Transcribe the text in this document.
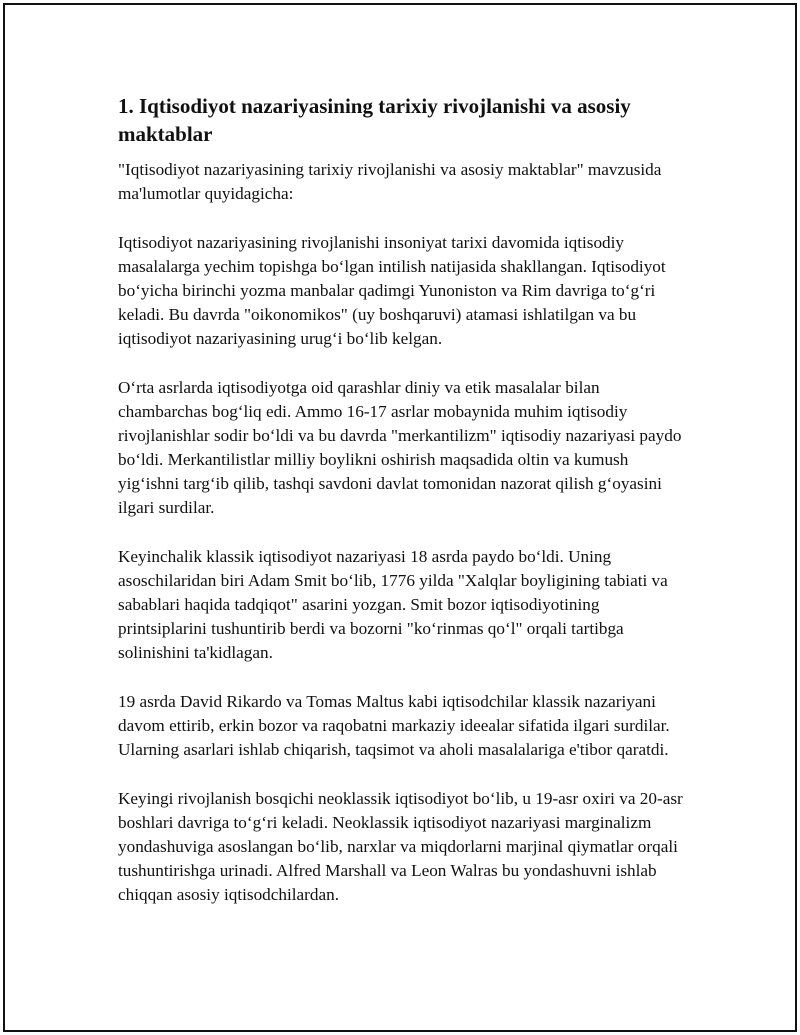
1. Iqtisodiyot nazariyasining tarixiy rivojlanishi va asosiy maktablar

"Iqtisodiyot nazariyasining tarixiy rivojlanishi va asosiy maktablar" mavzusida ma'lumotlar quyidagicha:

Iqtisodiyot nazariyasining rivojlanishi insoniyat tarixi davomida iqtisodiy masalalarga yechim topishga bo‘lgan intilish natijasida shakllangan. Iqtisodiyot bo‘yicha birinchi yozma manbalar qadimgi Yunoniston va Rim davriga to‘g‘ri keladi. Bu davrda "oikonomikos" (uy boshqaruvi) atamasi ishlatilgan va bu iqtisodiyot nazariyasining urug‘i bo‘lib kelgan.

O‘rta asrlarda iqtisodiyotga oid qarashlar diniy va etik masalalar bilan chambarchas bog‘liq edi. Ammo 16-17 asrlar mobaynida muhim iqtisodiy rivojlanishlar sodir bo‘ldi va bu davrda "merkantilizm" iqtisodiy nazariyasi paydo bo‘ldi. Merkantilistlar milliy boylikni oshirish maqsadida oltin va kumush yig‘ishni targ‘ib qilib, tashqi savdoni davlat tomonidan nazorat qilish g‘oyasini ilgari surdilar.

Keyinchalik klassik iqtisodiyot nazariyasi 18 asrda paydo bo‘ldi. Uning asoschilaridan biri Adam Smit bo‘lib, 1776 yilda "Xalqlar boyligining tabiati va sabablari haqida tadqiqot" asarini yozgan. Smit bozor iqtisodiyotining printsiplarini tushuntirib berdi va bozorni "ko‘rinmas qo‘l" orqali tartibga solinishini ta'kidlagan.

19 asrda David Rikardo va Tomas Maltus kabi iqtisodchilar klassik nazariyani davom ettirib, erkin bozor va raqobatni markaziy ideealar sifatida ilgari surdilar. Ularning asarlari ishlab chiqarish, taqsimot va aholi masalalariga e'tibor qaratdi.

Keyingi rivojlanish bosqichi neoklassik iqtisodiyot bo‘lib, u 19-asr oxiri va 20-asr boshlari davriga to‘g‘ri keladi. Neoklassik iqtisodiyot nazariyasi marginalizm yondashuviga asoslangan bo‘lib, narxlar va miqdorlarni marjinal qiymatlar orqali tushuntirishga urinadi. Alfred Marshall va Leon Walras bu yondashuvni ishlab chiqqan asosiy iqtisodchilardan.
